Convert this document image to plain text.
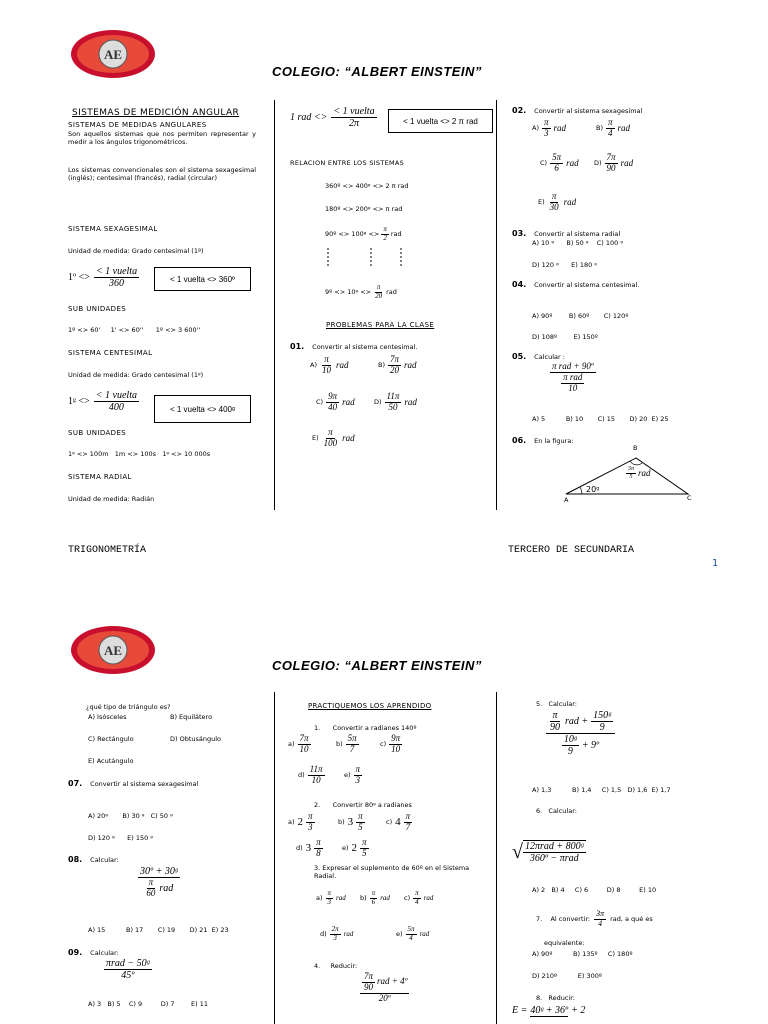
AE
COLEGIO: “ALBERT EINSTEIN”
SISTEMAS DE MEDICIÓN ANGULAR
SISTEMAS DE MEDIDAS ANGULARES
Son aquellos sistemas que nos permiten representar y medir a los ángulos trigonométricos.
Los sistemas convencionales son el sistema sexagesimal (inglés); centesimal (francés), radial (circular)
SISTEMA SEXAGESIMAL
Unidad de medida: Grado centesimal (1º)
1º <> $\frac{\text{< 1 vuelta}}{360}$	< 1 vuelta <> 360º
SUB UNIDADES
1º <> 60'     1' <> 60''      1º <> 3 600''
SISTEMA CENTESIMAL
Unidad de medida: Grado centesimal (1ᵍ)
1ᵍ <> $\frac{\text{< 1 vuelta}}{400}$	< 1 vuelta <> 400ᵍ
SUB UNIDADES
1ᵍ <> 100m   1m <> 100s   1ᵍ <> 10 000s
SISTEMA RADIAL
Unidad de medida: Radián
1 rad <> $\frac{\text{< 1 vuelta}}{2\pi}$	< 1 vuelta <> 2 π rad
RELACION ENTRE LOS SISTEMAS
360º <> 400ᵍ <> 2 π rad
180º <> 200ᵍ <> π rad
90º <> 100ᵍ <> $\frac{\pi}{2}$ rad
9º <> 10ᵍ <> $\frac{\pi}{20}$ rad
PROBLEMAS PARA LA CLASE
01. Convertir al sistema centesimal.
$A) \frac{\pi}{10}$ rad	$B) \frac{7\pi}{20}$ rad
$C) \frac{9\pi}{40}$ rad	$D) \frac{11\pi}{50}$ rad
$E) \frac{\pi}{100}$ rad
02. Convertir al sistema sexagesimal
$A) \frac{\pi}{3}$ rad	$B) \frac{\pi}{4}$ rad
$C) \frac{5\pi}{6}$ rad $D) \frac{7\pi}{90}$ rad
$E) \frac{\pi}{30}$ rad
03. Convertir al sistema radial
A) 10 ᵍ      B) 50 ᵍ    C) 100 ᵍ
D) 120 ᵍ      E) 180 ᵍ
04. Convertir al sistema centesimal.
A) 90º        B) 60º       C) 120º
D) 108º        E) 150º
05. Calcular :
$\frac{\text{π rad + 90º}}{\frac{\text{π rad}}{10}}$
A) 5          B) 10       C) 15       D) 20  E) 25
06. En la figura:
B
A	C
20ᵍ
$\frac{3\pi}{5}$ rad
TRIGONOMETRÍA	TERCERO DE SECUNDARIA
1
AE
COLEGIO: “ALBERT EINSTEIN”
¿qué tipo de triángulo es?
A) Isósceles	B) Equilátero
C) Rectángulo	D) Obtusángulo
E) Acutángulo
07. Convertir al sistema sexagesimal
A) 20ᵍ       B) 30 ᵍ   C) 50 ᵍ
D) 120 ᵍ      E) 150 ᵍ
08. Calcular:
$\frac{\text{30º + 30ᵍ}}{\frac{\pi}{60} rad}$
A) 15          B) 17       C) 19       D) 21  E) 23
09. Calcular:
$\frac{\text{πrad − 50ᵍ}}{\text{45º}}$
A) 3   B) 5    C) 9         D) 7        E) 11
PRACTIQUEMOS LOS APRENDIDO
1.      Convertir a radianes 140º
$a) \frac{7\pi}{10}$	$b) \frac{5\pi}{7}$	$c) \frac{9\pi}{10}$
$d) \frac{11\pi}{10}$	$e) \frac{\pi}{3}$
2.      Convertir 80ᵍ a radianes
a) $2 \frac{\pi}{3}$	b) $3 \frac{\pi}{5}$	c) $4 \frac{\pi}{7}$
d) $3 \frac{\pi}{8}$	e) $2 \frac{\pi}{5}$
3. Expresar el suplemento de 60º en el Sistema Radial.
$a) \frac{\pi}{3}$ rad $b) \frac{\pi}{6}$ rad $c) \frac{\pi}{4}$ rad
$d) \frac{2\pi}{3}$ rad	$e) \frac{5\pi}{4}$ rad
4.     Reducir:
$\frac{\frac{7\pi}{90} rad + 4º}{\text{20º}}$
5.   Calcular:
$\frac{\frac{\pi}{90} rad + \frac{\text{150ᵍ}}{9}}{\frac{\text{10ᵍ}}{9} + 9º}$
A) 1,3          B) 1,4     C) 1,5   D) 1,6  E) 1,7
6.   Calcular:
√ $\frac{\text{12πrad + 800ᵍ}}{\text{360º − πrad}}$
A) 2   B) 4     C) 6         D) 8         E) 10
7.    Al convertir: $\frac{3\pi}{4}$ rad, a qué es
equivalente:
A) 90º          B) 135º     C) 180º
D) 210º          E) 300º
8.   Reducir:
E = 40ᵍ + 36º + 2
